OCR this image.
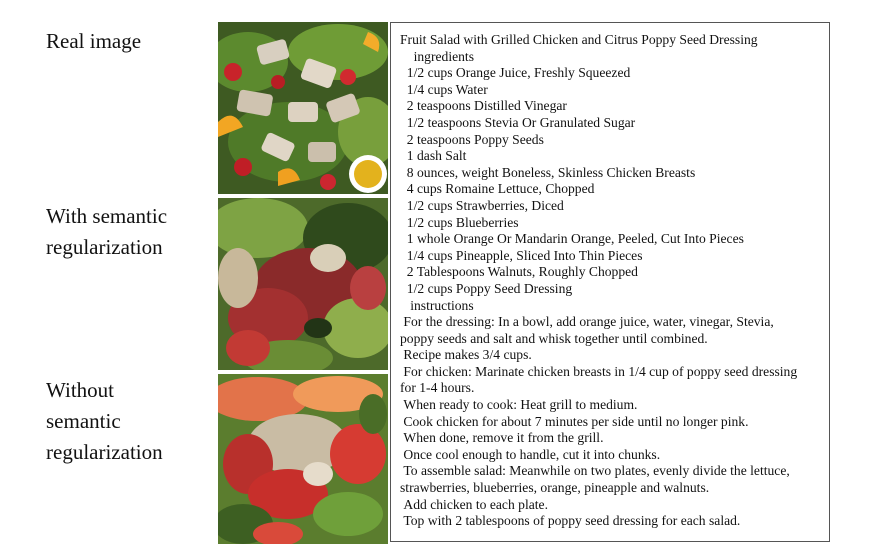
Real image
With semantic
regularization
Without
semantic
regularization

Fruit Salad with Grilled Chicken and Citrus Poppy Seed Dressing

ingredients

1/2 cups Orange Juice, Freshly Squeezed

1/4 cups Water

2 teaspoons Distilled Vinegar

1/2 teaspoons Stevia Or Granulated Sugar

2 teaspoons Poppy Seeds

1 dash Salt

8 ounces, weight Boneless, Skinless Chicken Breasts

4 cups Romaine Lettuce, Chopped

1/2 cups Strawberries, Diced

1/2 cups Blueberries

1 whole Orange Or Mandarin Orange, Peeled, Cut Into Pieces

1/4 cups Pineapple, Sliced Into Thin Pieces

2 Tablespoons Walnuts, Roughly Chopped

1/2 cups Poppy Seed Dressing

instructions

For the dressing: In a bowl, add orange juice, water, vinegar, Stevia,

poppy seeds and salt and whisk together until combined.

Recipe makes 3/4 cups.

For chicken: Marinate chicken breasts in 1/4 cup of poppy seed dressing

for 1-4 hours.

When ready to cook: Heat grill to medium.

Cook chicken for about 7 minutes per side until no longer pink.

When done, remove it from the grill.

Once cool enough to handle, cut it into chunks.

To assemble salad: Meanwhile on two plates, evenly divide the lettuce,

strawberries, blueberries, orange, pineapple and walnuts.

Add chicken to each plate.

Top with 2 tablespoons of poppy seed dressing for each salad.
